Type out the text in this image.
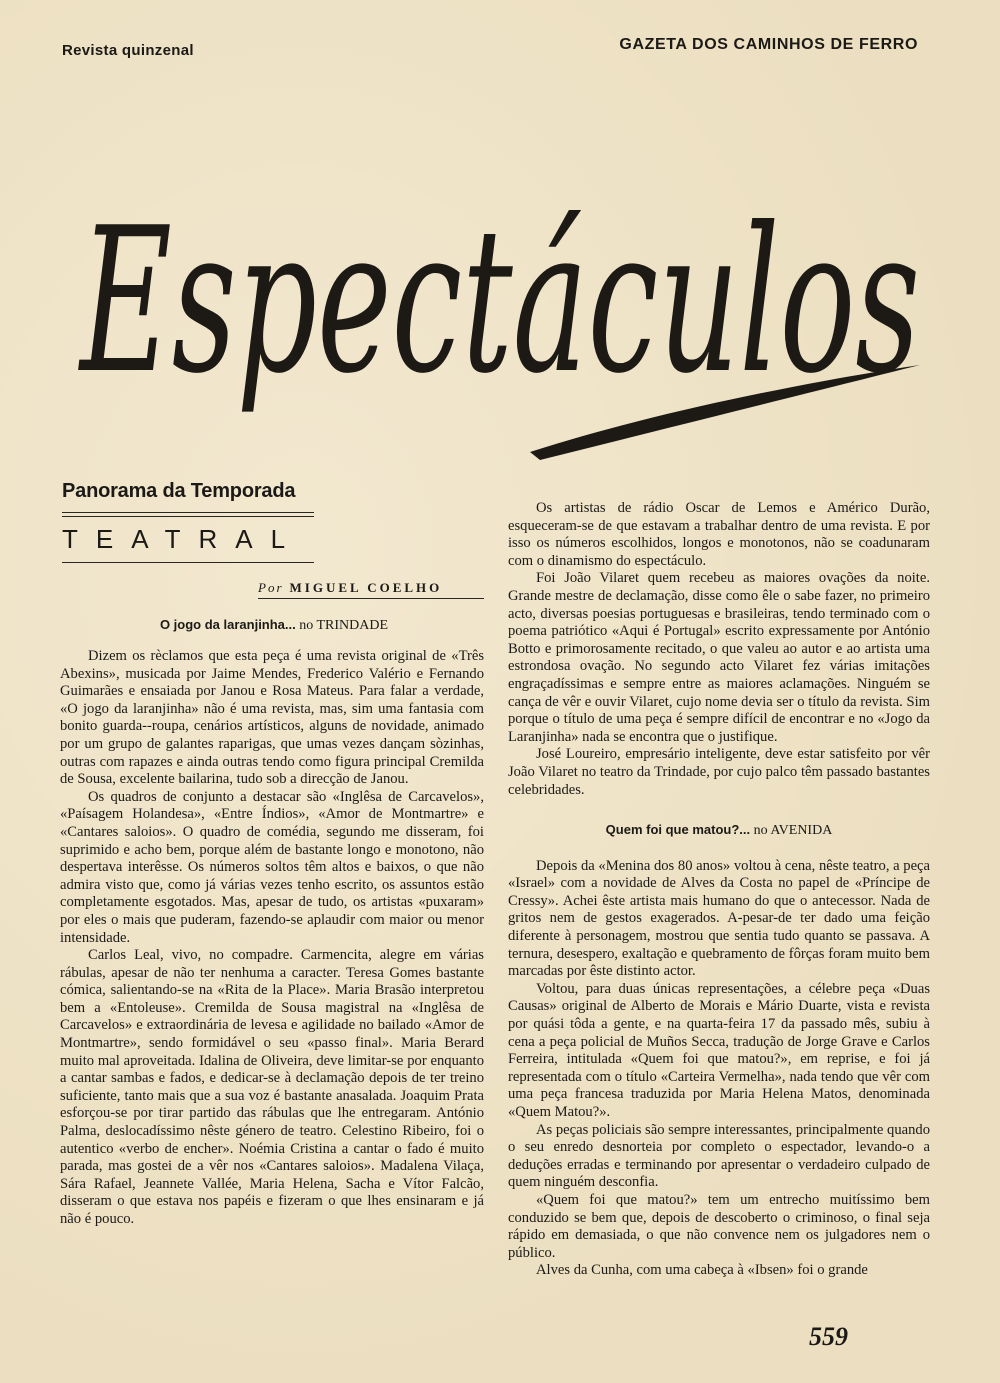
Revista quinzenal	GAZETA DOS CAMINHOS DE FERRO
Espectáculos
Panorama da Temporada
TEATRAL
Por MIGUEL COELHO
O jogo da laranjinha... no TRINDADE

Dizem os rèclamos que esta peça é uma revista original de «Três Abexins», musicada por Jaime Mendes, Frederico Valério e Fernando Guimarães e ensaiada por Janou e Rosa Mateus. Para falar a verdade, «O jogo da laranjinha» não é uma revista, mas, sim uma fantasia com bonito guarda--roupa, cenários artísticos, alguns de novidade, animado por um grupo de galantes raparigas, que umas vezes dançam sòzinhas, outras com rapazes e ainda outras tendo como figura principal Cremilda de Sousa, excelente bailarina, tudo sob a direcção de Janou.

Os quadros de conjunto a destacar são «Inglêsa de Carcavelos», «Paísagem Holandesa», «Entre Índios», «Amor de Montmartre» e «Cantares saloios». O quadro de comédia, segundo me disseram, foi suprimido e acho bem, porque além de bastante longo e monotono, não despertava interêsse. Os números soltos têm altos e baixos, o que não admira visto que, como já várias vezes tenho escrito, os assuntos estão completamente esgotados. Mas, apesar de tudo, os artistas «puxaram» por eles o mais que puderam, fazendo-se aplaudir com maior ou menor intensidade.

Carlos Leal, vivo, no compadre. Carmencita, alegre em várias rábulas, apesar de não ter nenhuma a caracter. Teresa Gomes bastante cómica, salientando-se na «Rita de la Place». Maria Brasão interpretou bem a «Entoleuse». Cremilda de Sousa magistral na «Inglêsa de Carcavelos» e extraordinária de levesa e agilidade no bailado «Amor de Montmartre», sendo formidável o seu «passo final». Maria Berard muito mal aproveitada. Idalina de Oliveira, deve limitar-se por enquanto a cantar sambas e fados, e dedicar-se à declamação depois de ter treino suficiente, tanto mais que a sua voz é bastante anasalada. Joaquim Prata esforçou-se por tirar partido das rábulas que lhe entregaram. António Palma, deslocadíssimo nêste género de teatro. Celestino Ribeiro, foi o autentico «verbo de encher». Noémia Cristina a cantar o fado é muito parada, mas gostei de a vêr nos «Cantares saloios». Madalena Vilaça, Sára Rafael, Jeannete Vallée, Maria Helena, Sacha e Vítor Falcão, disseram o que estava nos papéis e fizeram o que lhes ensinaram e já não é pouco.

Os artistas de rádio Oscar de Lemos e Américo Durão, esqueceram-se de que estavam a trabalhar dentro de uma revista. E por isso os números escolhidos, longos e monotonos, não se coadunaram com o dinamismo do espectáculo.

Foi João Vilaret quem recebeu as maiores ovações da noite. Grande mestre de declamação, disse como êle o sabe fazer, no primeiro acto, diversas poesias portuguesas e brasileiras, tendo terminado com o poema patriótico «Aqui é Portugal» escrito expressamente por António Botto e primorosamente recitado, o que valeu ao autor e ao artista uma estrondosa ovação. No segundo acto Vilaret fez várias imitações engraçadíssimas e sempre entre as maiores aclamações. Ninguém se cança de vêr e ouvir Vilaret, cujo nome devia ser o título da revista. Sim porque o título de uma peça é sempre difícil de encontrar e no «Jogo da Laranjinha» nada se encontra que o justifique.

José Loureiro, empresário inteligente, deve estar satisfeito por vêr João Vilaret no teatro da Trindade, por cujo palco têm passado bastantes celebridades.

Quem foi que matou?... no AVENIDA

Depois da «Menina dos 80 anos» voltou à cena, nêste teatro, a peça «Israel» com a novidade de Alves da Costa no papel de «Príncipe de Cressy». Achei êste artista mais humano do que o antecessor. Nada de gritos nem de gestos exagerados. A-pesar-de ter dado uma feição diferente à personagem, mostrou que sentia tudo quanto se passava. A ternura, desespero, exaltação e quebramento de fôrças foram muito bem marcadas por êste distinto actor.

Voltou, para duas únicas representações, a célebre peça «Duas Causas» original de Alberto de Morais e Mário Duarte, vista e revista por quási tôda a gente, e na quarta-feira 17 da passado mês, subiu à cena a peça policial de Muños Secca, tradução de Jorge Grave e Carlos Ferreira, intitulada «Quem foi que matou?», em reprise, e foi já representada com o título «Carteira Vermelha», nada tendo que vêr com uma peça francesa traduzida por Maria Helena Matos, denominada «Quem Matou?».

As peças policiais são sempre interessantes, principalmente quando o seu enredo desnorteia por completo o espectador, levando-o a deduções erradas e terminando por apresentar o verdadeiro culpado de quem ninguém desconfia.

«Quem foi que matou?» tem um entrecho muitíssimo bem conduzido se bem que, depois de descoberto o criminoso, o final seja rápido em demasiada, o que não convence nem os julgadores nem o público.

Alves da Cunha, com uma cabeça à «Ibsen» foi o grande

559
